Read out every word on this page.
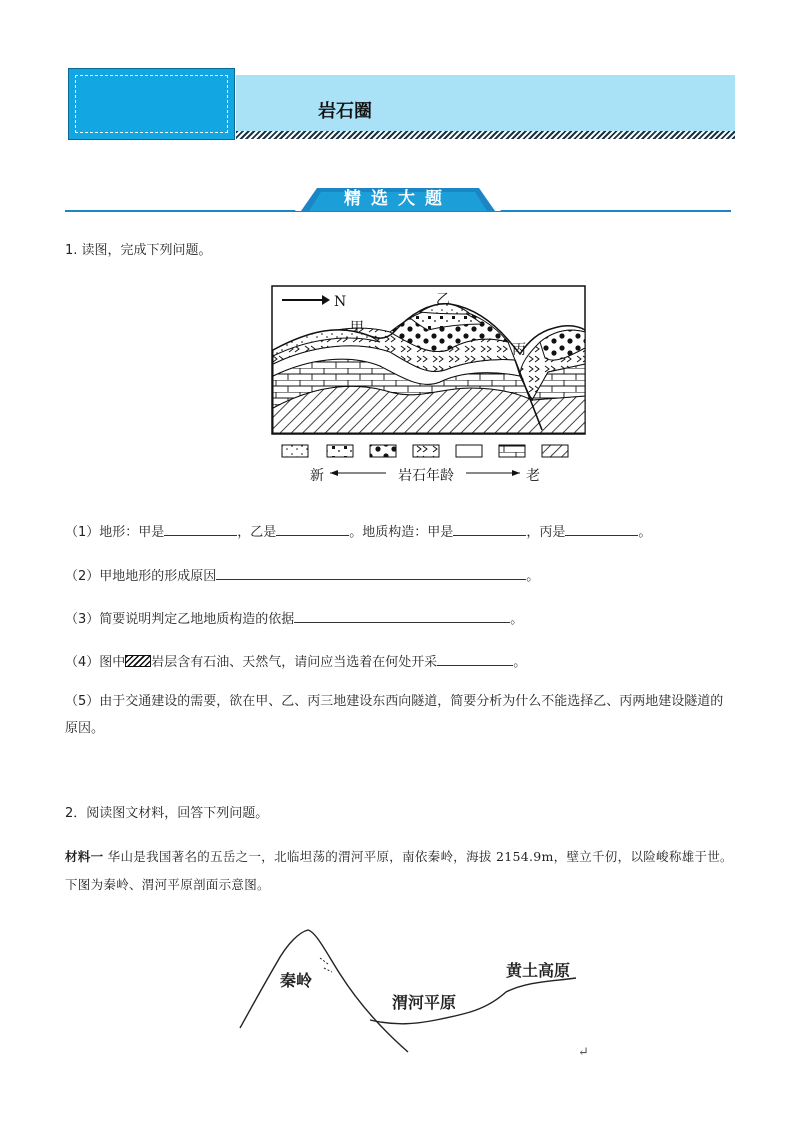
岩石圈
精选大题
1. 读图，完成下列问题。
N
甲
乙
丙
新	岩石年龄	老
（1）地形：甲是	，乙是	。地质构造：甲是	，丙是	。
（2）甲地地形的形成原因	。
（3）简要说明判定乙地地质构造的依据	。
（4）图中 岩层含有石油、天然气，请问应当选着在何处开采	。
（5）由于交通建设的需要，欲在甲、乙、丙三地建设东西向隧道，简要分析为什么不能选择乙、丙两地建设隧道的原因。
2．阅读图文材料，回答下列问题。
材料一 华山是我国著名的五岳之一，北临坦荡的渭河平原，南依秦岭，海拔 2154.9m，壁立千仞，以险峻称雄于世。下图为秦岭、渭河平原剖面示意图。
秦岭
渭河平原
黄土高原
↵
